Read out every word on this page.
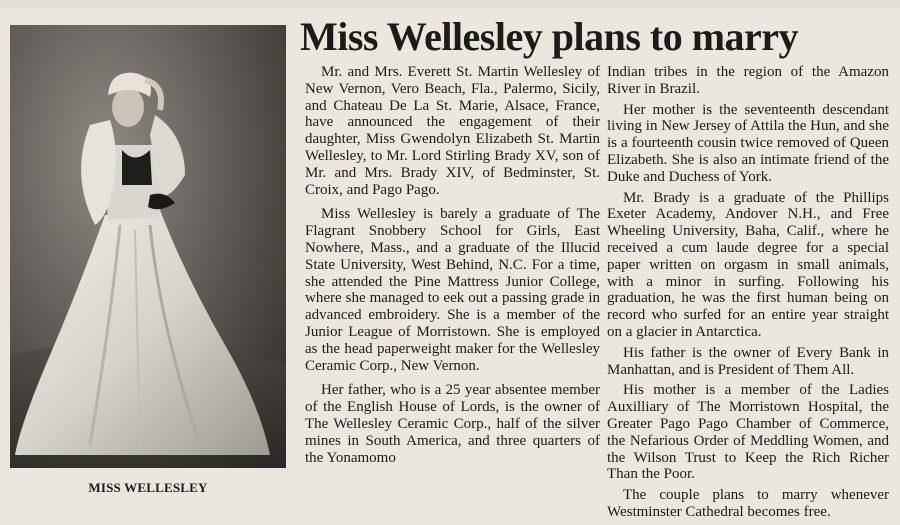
MISS WELLESLEY
Miss Wellesley plans to marry

Mr. and Mrs. Everett St. Martin Wellesley of New Vernon, Vero Beach, Fla., Palermo, Sicily, and Chateau De La St. Marie, Alsace, France, have announced the engagement of their daughter, Miss Gwendolyn Elizabeth St. Martin Wellesley, to Mr. Lord Stirling Brady XV, son of Mr. and Mrs. Brady XIV, of Bedminster, St. Croix, and Pago Pago.

Miss Wellesley is barely a graduate of The Flagrant Snobbery School for Girls, East Nowhere, Mass., and a graduate of the Illucid State University, West Behind, N.C. For a time, she attended the Pine Mattress Junior College, where she managed to eek out a passing grade in advanced embroidery. She is a member of the Junior League of Morristown. She is employed as the head paperweight maker for the Wellesley Ceramic Corp., New Vernon.

Her father, who is a 25 year absentee member of the English House of Lords, is the owner of The Wellesley Ceramic Corp., half of the silver mines in South America, and three quarters of the Yonamomo

Indian tribes in the region of the Amazon River in Brazil.

Her mother is the seventeenth descendant living in New Jersey of Attila the Hun, and she is a fourteenth cousin twice removed of Queen Elizabeth. She is also an intimate friend of the Duke and Duchess of York.

Mr. Brady is a graduate of the Phillips Exeter Academy, Andover N.H., and Free Wheeling University, Baha, Calif., where he received a cum laude degree for a special paper written on orgasm in small animals, with a minor in surfing. Following his graduation, he was the first human being on record who surfed for an entire year straight on a glacier in Antarctica.

His father is the owner of Every Bank in Manhattan, and is President of Them All.

His mother is a member of the Ladies Auxilliary of The Morristown Hospital, the Greater Pago Pago Chamber of Commerce, the Nefarious Order of Meddling Women, and the Wilson Trust to Keep the Rich Richer Than the Poor.

The couple plans to marry whenever Westminster Cathedral becomes free.
